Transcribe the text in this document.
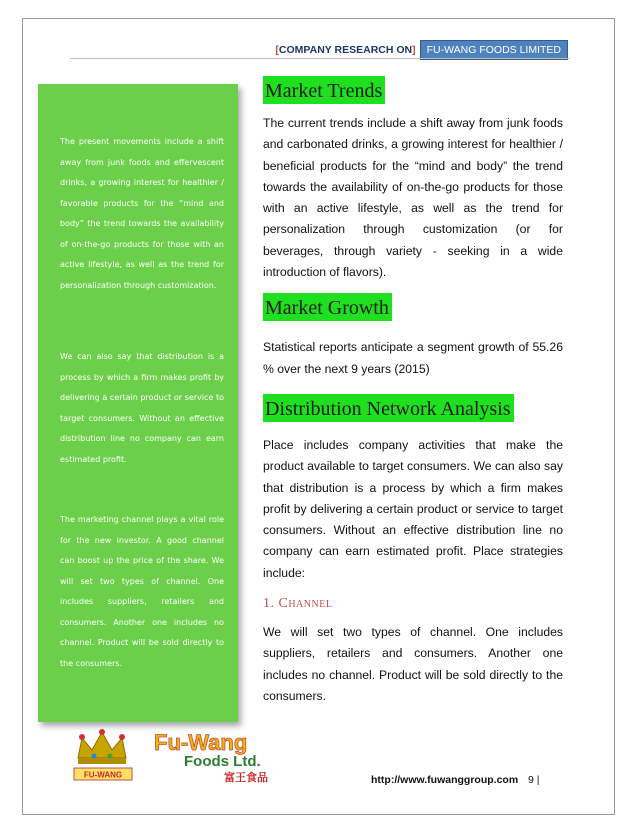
[COMPANY RESEARCH ON]	FU-WANG FOODS LIMITED

The present movements include a shift away from junk foods and effervescent drinks, a growing interest for healthier / favorable products for the “mind and body” the trend towards the availability of on-the-go products for those with an active lifestyle, as well as the trend for personalization through customization.

We can also say that distribution is a process by which a firm makes profit by delivering a certain product or service to target consumers. Without an effective distribution line no company can earn estimated profit.

The marketing channel plays a vital role for the new investor. A good channel can boost up the price of the share. We will set two types of channel. One includes suppliers, retailers and consumers. Another one includes no channel. Product will be sold directly to the consumers.

Market Trends

The current trends include a shift away from junk foods and carbonated drinks, a growing interest for healthier / beneficial products for the “mind and body” the trend towards the availability of on-the-go products for those with an active lifestyle, as well as the trend for personalization through customization (or for beverages, through variety - seeking in a wide introduction of flavors).

Market Growth

Statistical reports anticipate a segment growth of 55.26 % over the next 9 years (2015)

Distribution Network Analysis

Place includes company activities that make the product available to target consumers. We can also say that distribution is a process by which a firm makes profit by delivering a certain product or service to target consumers. Without an effective distribution line no company can earn estimated profit. Place strategies include:

1. Channel

We will set two types of channel. One includes suppliers, retailers and consumers. Another one includes no channel. Product will be sold directly to the consumers.

FU-WANG
Fu-Wang
Foods Ltd.
富王食品	http://www.fuwanggroup.com 9 |
